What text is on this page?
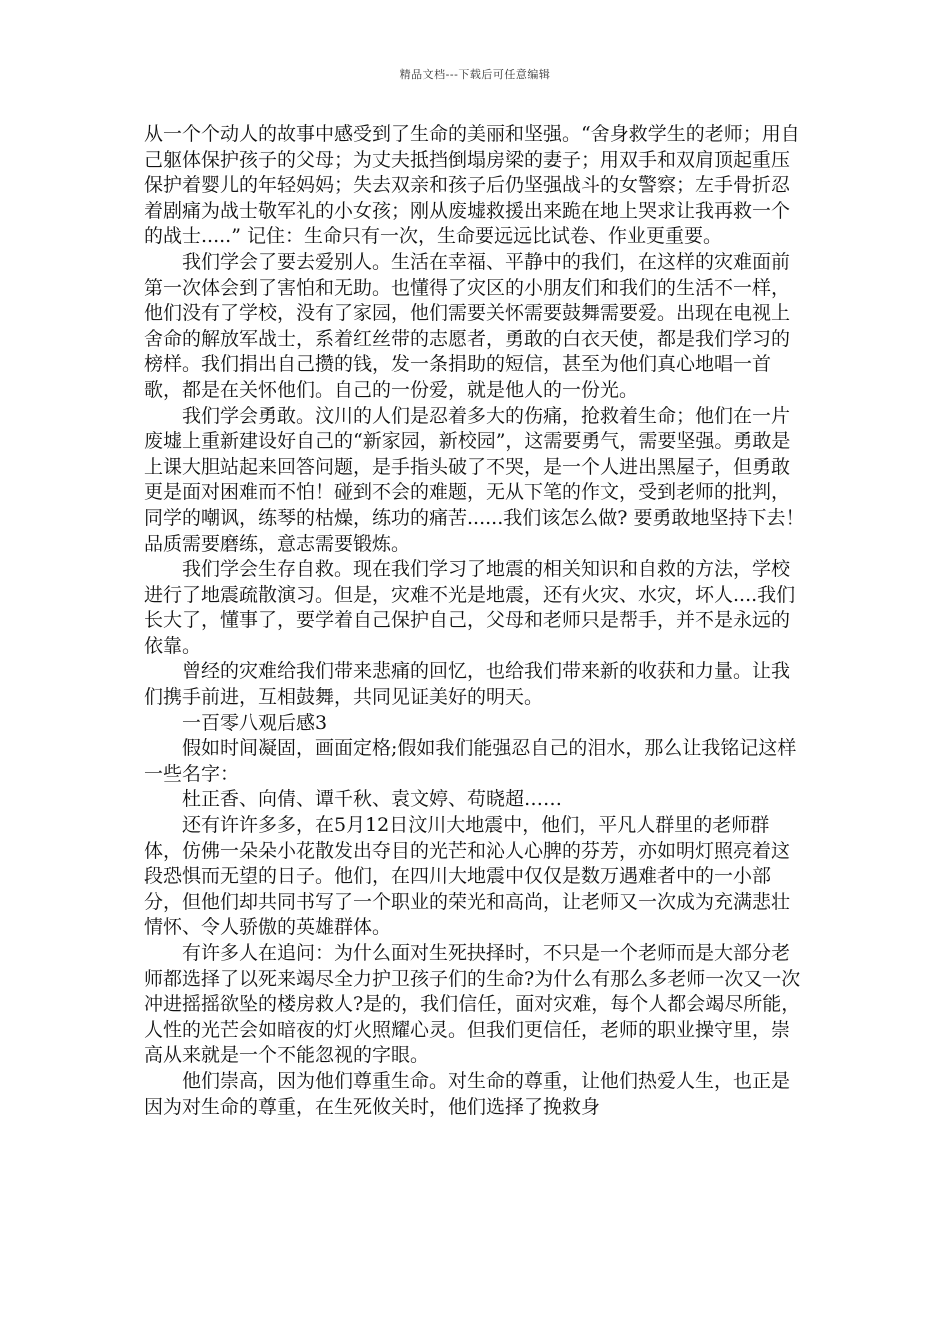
精品文档---下载后可任意编辑

从一个个动人的故事中感受到了生命的美丽和坚强。“舍身救学生的老师；用自己躯体保护孩子的父母；为丈夫抵挡倒塌房梁的妻子；用双手和双肩顶起重压保护着婴儿的年轻妈妈；失去双亲和孩子后仍坚强战斗的女警察；左手骨折忍着剧痛为战士敬军礼的小女孩；刚从废墟救援出来跪在地上哭求让我再救一个的战士.....” 记住：生命只有一次，生命要远远比试卷、作业更重要。

我们学会了要去爱别人。生活在幸福、平静中的我们，在这样的灾难面前第一次体会到了害怕和无助。也懂得了灾区的小朋友们和我们的生活不一样，他们没有了学校，没有了家园，他们需要关怀需要鼓舞需要爱。出现在电视上舍命的解放军战士，系着红丝带的志愿者，勇敢的白衣天使，都是我们学习的榜样。我们捐出自己攒的钱，发一条捐助的短信，甚至为他们真心地唱一首歌，都是在关怀他们。自己的一份爱，就是他人的一份光。

我们学会勇敢。汶川的人们是忍着多大的伤痛，抢救着生命；他们在一片废墟上重新建设好自己的“新家园，新校园”，这需要勇气，需要坚强。勇敢是上课大胆站起来回答问题，是手指头破了不哭，是一个人进出黑屋子，但勇敢更是面对困难而不怕！碰到不会的难题，无从下笔的作文，受到老师的批判，同学的嘲讽，练琴的枯燥，练功的痛苦......我们该怎么做? 要勇敢地坚持下去！品质需要磨练，意志需要锻炼。

我们学会生存自救。现在我们学习了地震的相关知识和自救的方法，学校进行了地震疏散演习。但是，灾难不光是地震，还有火灾、水灾，坏人....我们长大了，懂事了，要学着自己保护自己，父母和老师只是帮手，并不是永远的依靠。

曾经的灾难给我们带来悲痛的回忆，也给我们带来新的收获和力量。让我们携手前进，互相鼓舞，共同见证美好的明天。

一百零八观后感3

假如时间凝固，画面定格;假如我们能强忍自己的泪水，那么让我铭记这样一些名字：

杜正香、向倩、谭千秋、袁文婷、苟晓超……

还有许许多多，在5月12日汶川大地震中，他们，平凡人群里的老师群体，仿佛一朵朵小花散发出夺目的光芒和沁人心脾的芬芳，亦如明灯照亮着这段恐惧而无望的日子。他们，在四川大地震中仅仅是数万遇难者中的一小部分，但他们却共同书写了一个职业的荣光和高尚，让老师又一次成为充满悲壮情怀、令人骄傲的英雄群体。

有许多人在追问：为什么面对生死抉择时，不只是一个老师而是大部分老师都选择了以死来竭尽全力护卫孩子们的生命?为什么有那么多老师一次又一次冲进摇摇欲坠的楼房救人?是的，我们信任，面对灾难，每个人都会竭尽所能，人性的光芒会如暗夜的灯火照耀心灵。但我们更信任，老师的职业操守里，崇高从来就是一个不能忽视的字眼。

他们崇高，因为他们尊重生命。对生命的尊重，让他们热爱人生，也正是因为对生命的尊重，在生死攸关时，他们选择了挽救身
